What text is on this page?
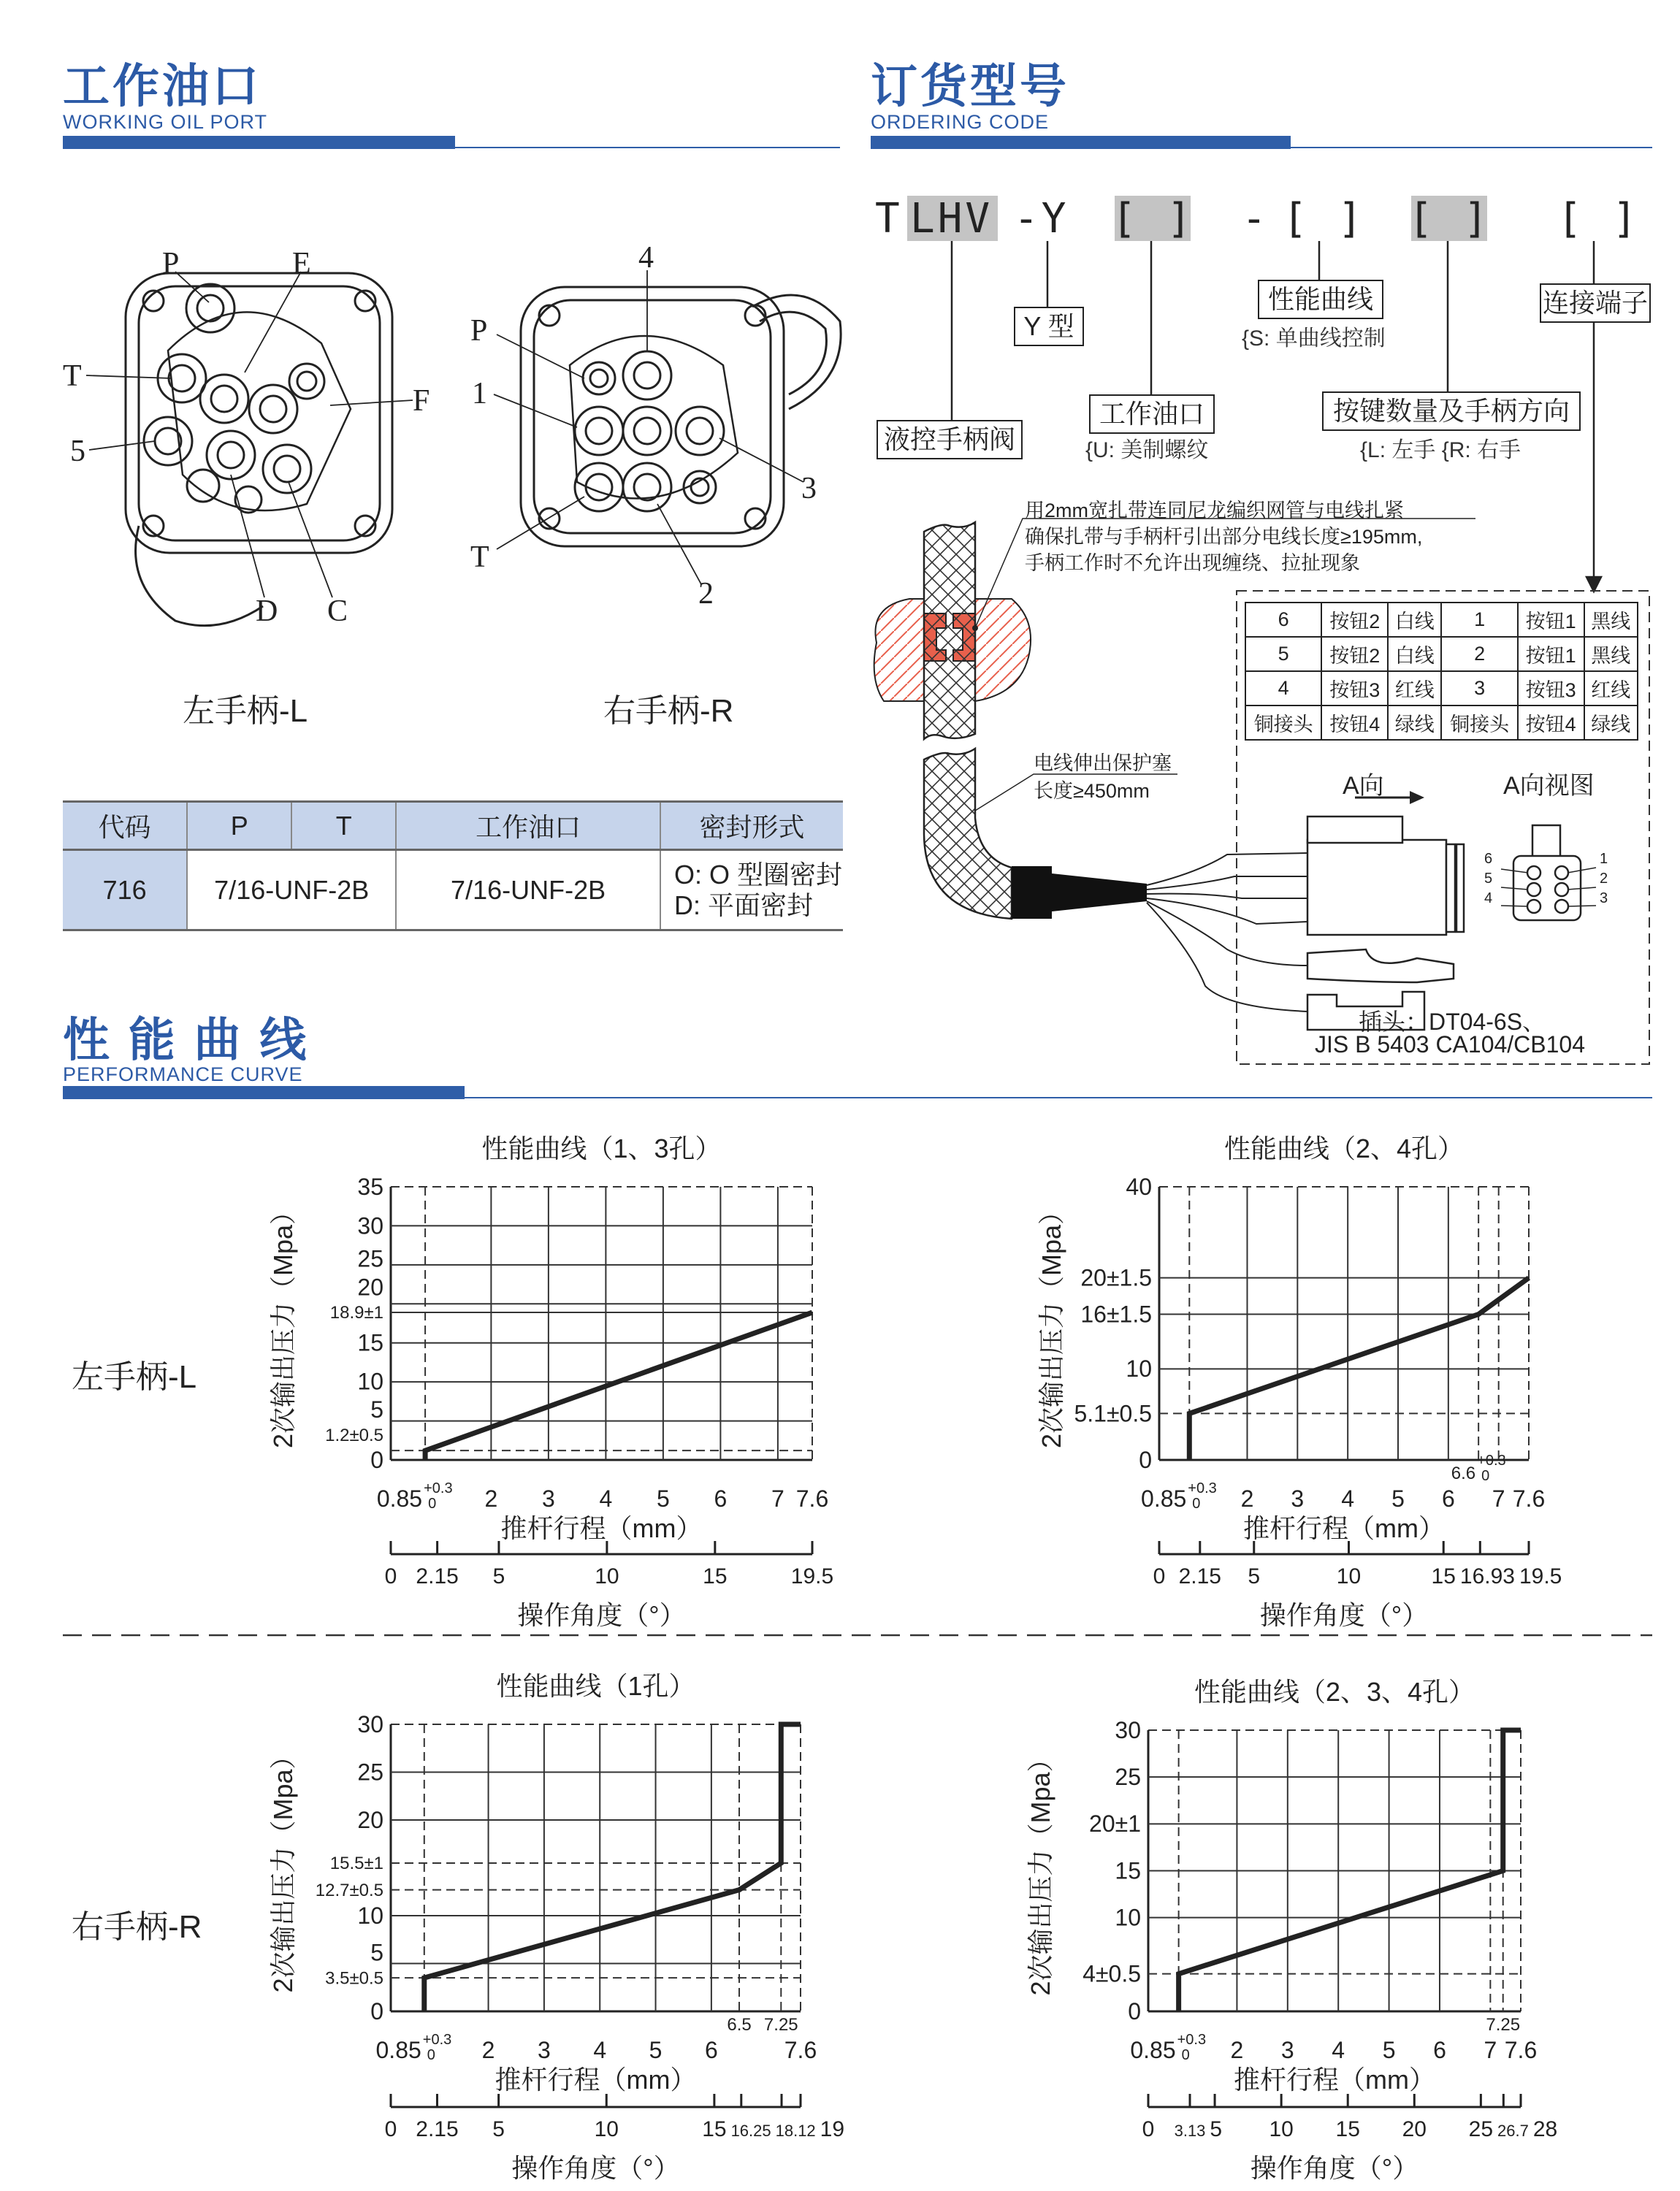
0
1.2±0.5
5
10
15
18.9±1
20
25
30
35
0.85 +0.3
0 2 3 4 5 6 7 7.6
0 2.15 5	10	15	19.5
性能曲线（1、3孔）
推杆行程（mm）
操作角度（°）
2次输出压力（Mpa）
0
5.1±0.5
10
16±1.5
20±1.5
40
0.85 +0.3
0 2 3 4 5 6
6.6
+0.3
0
7 7.6
0 2.15 5	10	15 16.93 19.5
性能曲线（2、4孔）
推杆行程（mm）
操作角度（°）
2次输出压力（Mpa）
0
3.5±0.5
5
10
12.7±0.5
15.5±1
20
25
30
0.85 +0.3
0 2 3 4 5 6
6.5 7.25
7.6
0 2.15 5	10	15 16.25 18.12 19
性能曲线（1孔）
推杆行程（mm）
操作角度（°）
2次输出压力（Mpa）
0
4±0.5
10
15
20±1
25
30
0.85 +0.3
0 2 3 4 5 6 7
7.25
7.6
0 3.13 5 10 15 20 25 26.7 28
性能曲线（2、3、4孔）
推杆行程（mm）
操作角度（°）
2次输出压力（Mpa）
工作油口
WORKING OIL PORT
订货型号
ORDERING CODE
性 能 曲 线
PERFORMANCE CURVE
P	E
T
F
5
D C
4
P
1
3
T
2
左手柄-L	右手柄-R
代码	P	T	工作油口	密封形式
716	7/16-UNF-2B		7/16-UNF-2B	O: O 型圈密封
D: 平面密封
T LHV -Y [ ] - [ ] [ ] [ ]
液控手柄阀
Y 型
工作油口
{U: 美制螺纹
性能曲线
{S: 单曲线控制
按键数量及手柄方向
{L: 左手 {R: 右手
连接端子
用2mm宽扎带连同尼龙编织网管与电线扎紧
确保扎带与手柄杆引出部分电线长度≥195mm,
手柄工作时不允许出现缠绕、拉扯现象
电线伸出保护塞
长度≥450mm
6	按钮2	白线	1	按钮1	黑线
5	按钮2	白线	2	按钮1	黑线
4	按钮3	红线	3	按钮3	红线
铜接头	按钮4	绿线	铜接头	按钮4	绿线
A向	A向视图
6
5
4
1
2
3
插头：DT04-6S、
JIS B 5403 CA104/CB104
左手柄-L
右手柄-R
